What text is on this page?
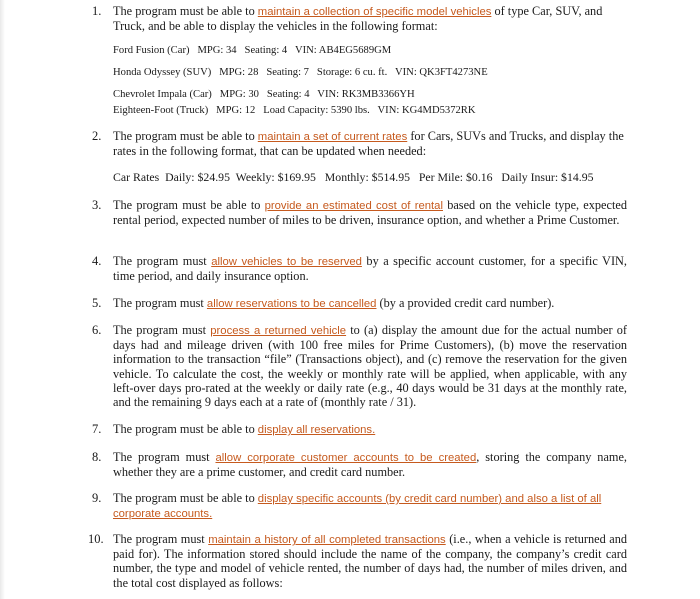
1. The program must be able to maintain a collection of specific model vehicles of type Car, SUV, and Truck, and be able to display the vehicles in the following format:
Ford Fusion (Car)   MPG: 34   Seating: 4   VIN: AB4EG5689GM
Honda Odyssey (SUV)   MPG: 28   Seating: 7   Storage: 6 cu. ft.   VIN: QK3FT4273NE
Chevrolet Impala (Car)   MPG: 30   Seating: 4   VIN: RK3MB3366YH
Eighteen-Foot (Truck)   MPG: 12   Load Capacity: 5390 lbs.   VIN: KG4MD5372RK
2. The program must be able to maintain a set of current rates for Cars, SUVs and Trucks, and display the rates in the following format, that can be updated when needed:
Car Rates  Daily: $24.95  Weekly: $169.95   Monthly: $514.95   Per Mile: $0.16   Daily Insur: $14.95
3. The program must be able to provide an estimated cost of rental based on the vehicle type, expected rental period, expected number of miles to be driven, insurance option, and whether a Prime Customer.
4. The program must allow vehicles to be reserved by a specific account customer, for a specific VIN, time period, and daily insurance option.
5. The program must allow reservations to be cancelled (by a provided credit card number).
6. The program must process a returned vehicle to (a) display the amount due for the actual number of days had and mileage driven (with 100 free miles for Prime Customers), (b) move the reservation information to the transaction “file” (Transactions object), and (c) remove the reservation for the given vehicle. To calculate the cost, the weekly or monthly rate will be applied, when applicable, with any left-over days pro-rated at the weekly or daily rate (e.g., 40 days would be 31 days at the monthly rate, and the remaining 9 days each at a rate of (monthly rate / 31).
7. The program must be able to display all reservations.
8. The program must allow corporate customer accounts to be created, storing the company name, whether they are a prime customer, and credit card number.
9. The program must be able to display specific accounts (by credit card number) and also a list of all corporate accounts.
10. The program must maintain a history of all completed transactions (i.e., when a vehicle is returned and paid for). The information stored should include the name of the company, the company’s credit card number, the type and model of vehicle rented, the number of days had, the number of miles driven, and the total cost displayed as follows:
